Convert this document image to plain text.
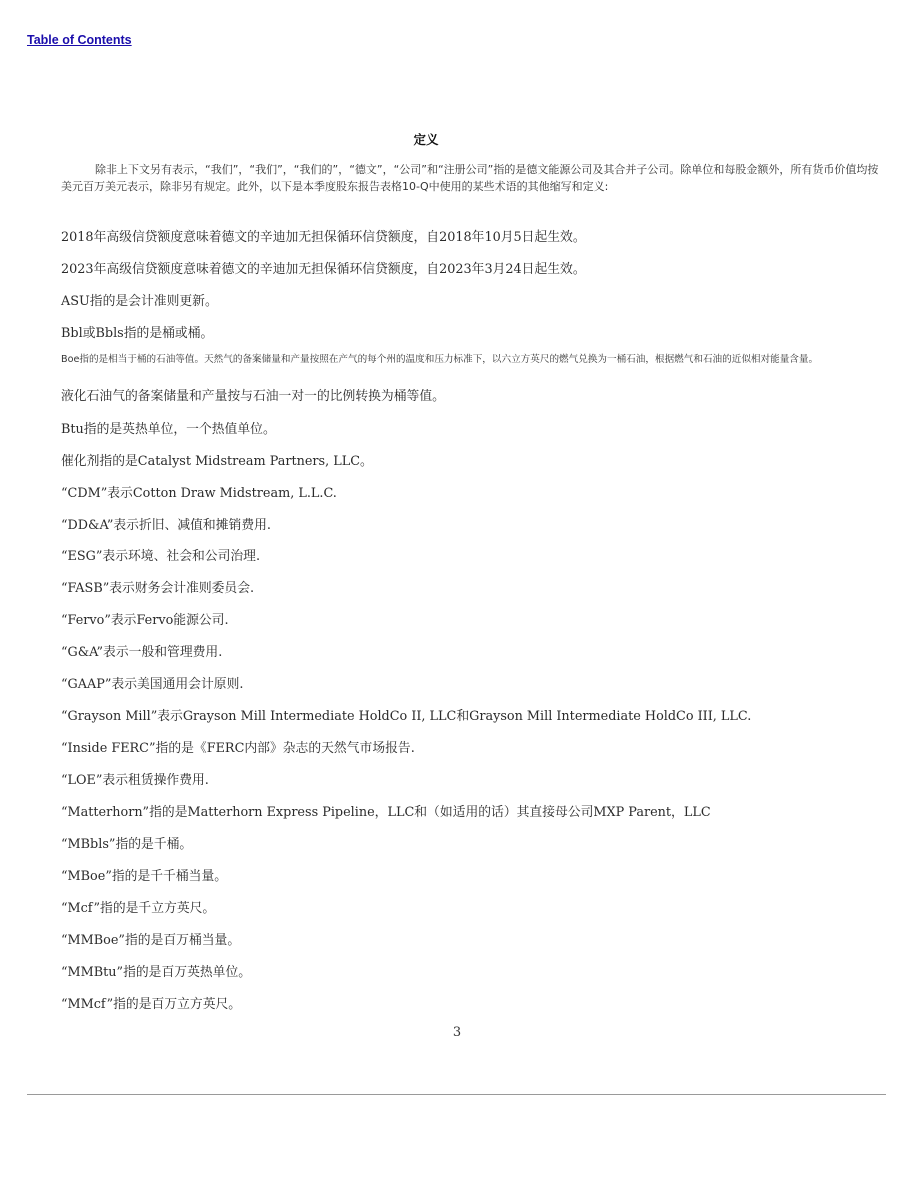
Table of Contents
定义
除非上下文另有表示，“我们”，“我们”，“我们的”，“德文”，“公司”和“注册公司”指的是德文能源公司及其合并子公司。除单位和每股金额外，所有货币价值均按美元百万美元表示，除非另有规定。此外，以下是本季度股东报告表格10-Q中使用的某些术语的其他缩写和定义:
2018年高级信贷额度意味着德文的辛迪加无担保循环信贷额度，自2018年10月5日起生效。
2023年高级信贷额度意味着德文的辛迪加无担保循环信贷额度，自2023年3月24日起生效。
ASU指的是会计准则更新。
Bbl或Bbls指的是桶或桶。
Boe指的是相当于桶的石油等值。天然气的备案储量和产量按照在产气的每个州的温度和压力标准下，以六立方英尺的燃气兑换为一桶石油，根据燃气和石油的近似相对能量含量。
液化石油气的备案储量和产量按与石油一对一的比例转换为桶等值。
Btu指的是英热单位，一个热值单位。
催化剂指的是Catalyst Midstream Partners, LLC。
“CDM”表示Cotton Draw Midstream, L.L.C.
“DD&A”表示折旧、减值和摊销费用.
“ESG”表示环境、社会和公司治理.
“FASB”表示财务会计准则委员会.
“Fervo”表示Fervo能源公司.
“G&A”表示一般和管理费用.
“GAAP”表示美国通用会计原则.
“Grayson Mill”表示Grayson Mill Intermediate HoldCo II, LLC和Grayson Mill Intermediate HoldCo III, LLC.
“Inside FERC”指的是《FERC内部》杂志的天然气市场报告.
“LOE”表示租赁操作费用.
“Matterhorn”指的是Matterhorn Express Pipeline，LLC和（如适用的话）其直接母公司MXP Parent，LLC
“MBbls”指的是千桶。
“MBoe”指的是千千桶当量。
“Mcf”指的是千立方英尺。
“MMBoe”指的是百万桶当量。
“MMBtu”指的是百万英热单位。
“MMcf”指的是百万立方英尺。
3
